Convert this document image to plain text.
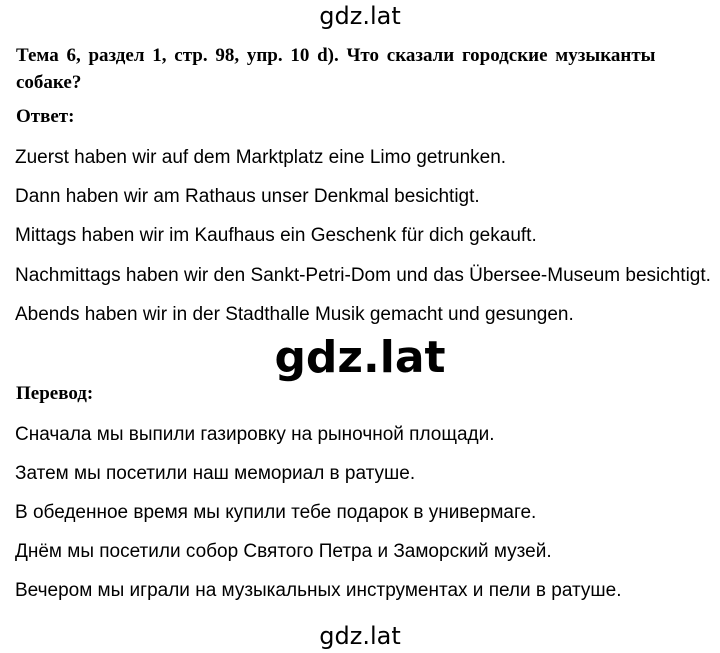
gdz.lat
Тема 6, раздел 1, стр. 98, упр. 10 d). Что сказали городские музыканты собаке?
Ответ:
Zuerst haben wir auf dem Marktplatz eine Limo getrunken.
Dann haben wir am Rathaus unser Denkmal besichtigt.
Mittags haben wir im Kaufhaus ein Geschenk für dich gekauft.
Nachmittags haben wir den Sankt-Petri-Dom und das Übersee-Museum besichtigt.
Abends haben wir in der Stadthalle Musik gemacht und gesungen.
gdz.lat
Перевод:
Сначала мы выпили газировку на рыночной площади.
Затем мы посетили наш мемориал в ратуше.
В обеденное время мы купили тебе подарок в универмаге.
Днём мы посетили собор Святого Петра и Заморский музей.
Вечером мы играли на музыкальных инструментах и пели в ратуше.
gdz.lat
